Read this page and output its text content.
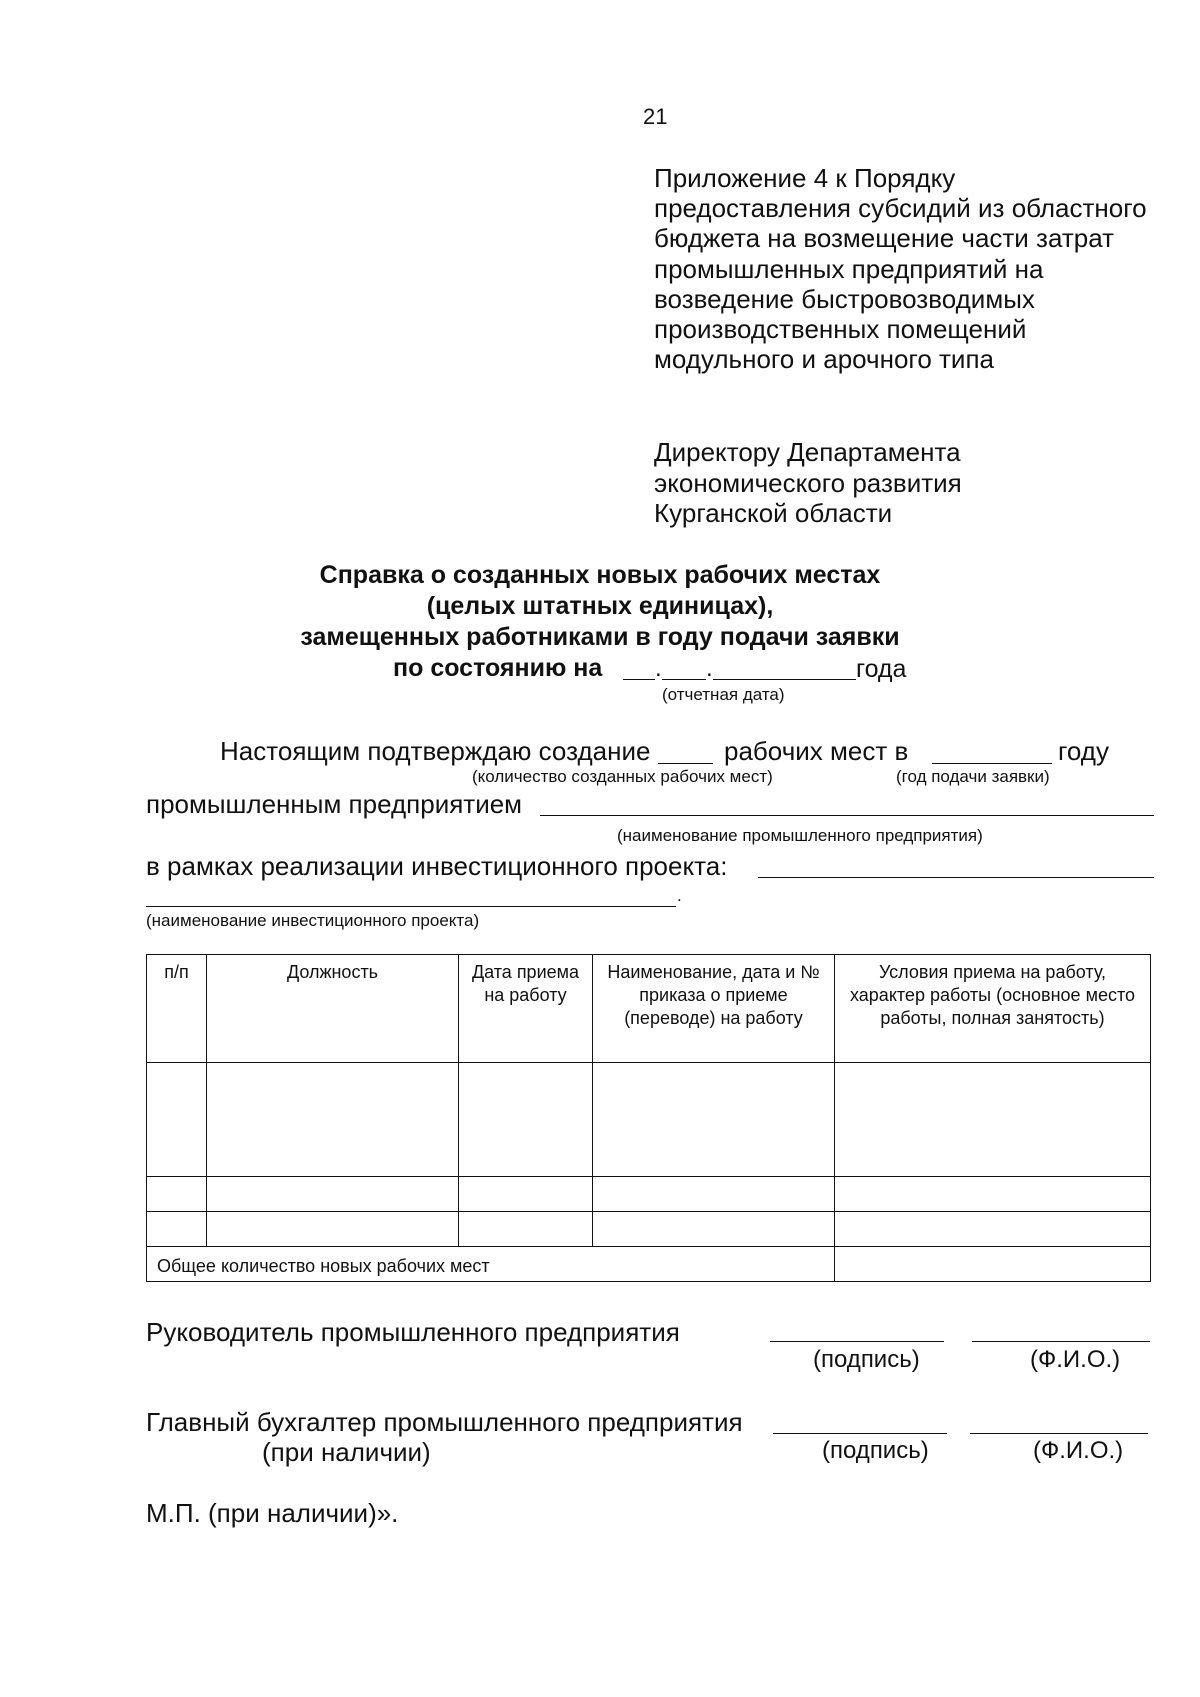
21
Приложение 4 к Порядку
предоставления субсидий из областного
бюджета на возмещение части затрат
промышленных предприятий на
возведение быстровозводимых
производственных помещений
модульного и арочного типа
Директору Департамента
экономического развития
Курганской области
Справка о созданных новых рабочих местах
(целых штатных единицах),
замещенных работниками в году подачи заявки
по состоянию на . .	года
(отчетная дата)
Настоящим подтверждаю создание	рабочих мест в	году
(количество созданных рабочих мест)	(год подачи заявки)
промышленным предприятием
(наименование промышленного предприятия)
в рамках реализации инвестиционного проекта:
.
(наименование инвестиционного проекта)
п/п	Должность	Дата приема на работу	Наименование, дата и № приказа о приеме (переводе) на работу	Условия приема на работу, характер работы (основное место работы, полная занятость)

Общее количество новых рабочих мест				
Руководитель промышленного предприятия
(подпись)	(Ф.И.О.)
Главный бухгалтер промышленного предприятия
(при наличии)	(подпись)	(Ф.И.О.)
М.П. (при наличии)».
